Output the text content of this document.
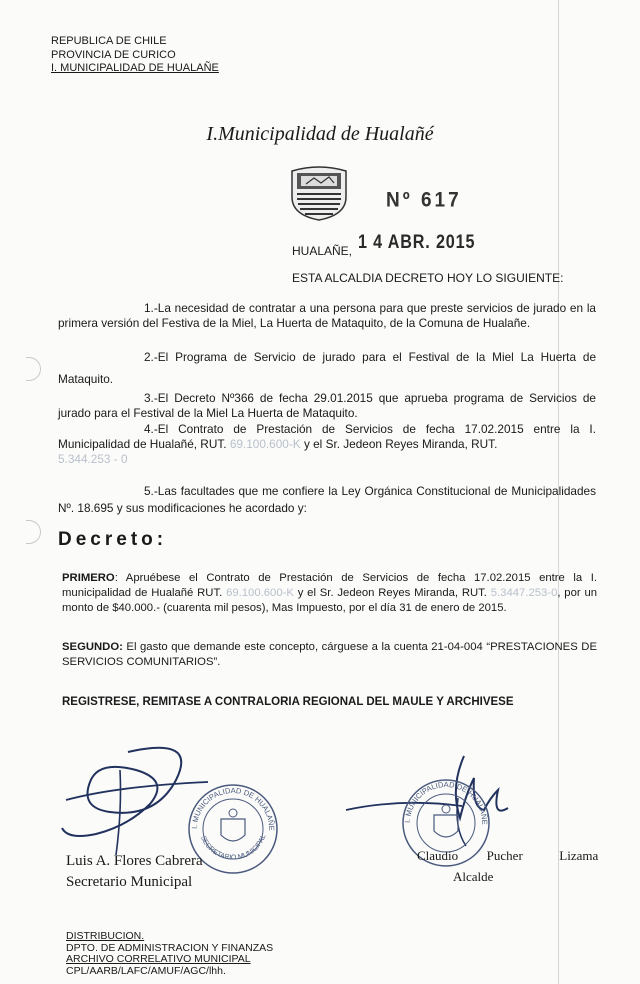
REPUBLICA DE CHILE
PROVINCIA DE CURICO
I. MUNICIPALIDAD DE HUALAÑE
I.Municipalidad de Hualañé
Nº 617
HUALAÑE, 1 4 ABR. 2015
ESTA ALCALDIA DECRETO HOY LO SIGUIENTE:
1.-La necesidad de contratar a una persona para que preste servicios de jurado en la primera versión del Festiva de la Miel, La Huerta de Mataquito, de la Comuna de Hualañe.
2.-El Programa de Servicio de jurado para el Festival de la Miel La Huerta de Mataquito.
3.-El Decreto Nº366 de fecha 29.01.2015 que aprueba programa de Servicios de jurado para el Festival de la Miel La Huerta de Mataquito.
4.-El Contrato de Prestación de Servicios de fecha 17.02.2015 entre la I. Municipalidad de Hualañé, RUT. 69.100.600-K y el Sr. Jedeon Reyes Miranda, RUT.
5.344.253 - 0
5.-Las facultades que me confiere la Ley Orgánica Constitucional de Municipalidades Nº. 18.695 y sus modificaciones he acordado y:
Decreto:
PRIMERO: Apruébese el Contrato de Prestación de Servicios de fecha 17.02.2015 entre la I. municipalidad de Hualañé RUT. 69.100.600-K y el Sr. Jedeon Reyes Miranda, RUT. 5.3447.253-0, por un monto de $40.000.- (cuarenta mil pesos), Mas Impuesto, por el día 31 de enero de 2015.
SEGUNDO: El gasto que demande este concepto, cárguese a la cuenta 21-04-004 “PRESTACIONES DE SERVICIOS COMUNITARIOS”.
REGISTRESE, REMITASE A CONTRALORIA REGIONAL DEL MAULE Y ARCHIVESE
I. MUNICIPALIDAD DE HUALAÑE
SECRETARIO MUNICIPAL
I. MUNICIPALIDAD DE HUALAÑE
Luis A. Flores Cabrera
Secretario Municipal
Claudio Pucher	Lizama
Alcalde
DISTRIBUCION.
DPTO. DE ADMINISTRACION Y FINANZAS
ARCHIVO CORRELATIVO MUNICIPAL
CPL/AARB/LAFC/AMUF/AGC/lhh.
